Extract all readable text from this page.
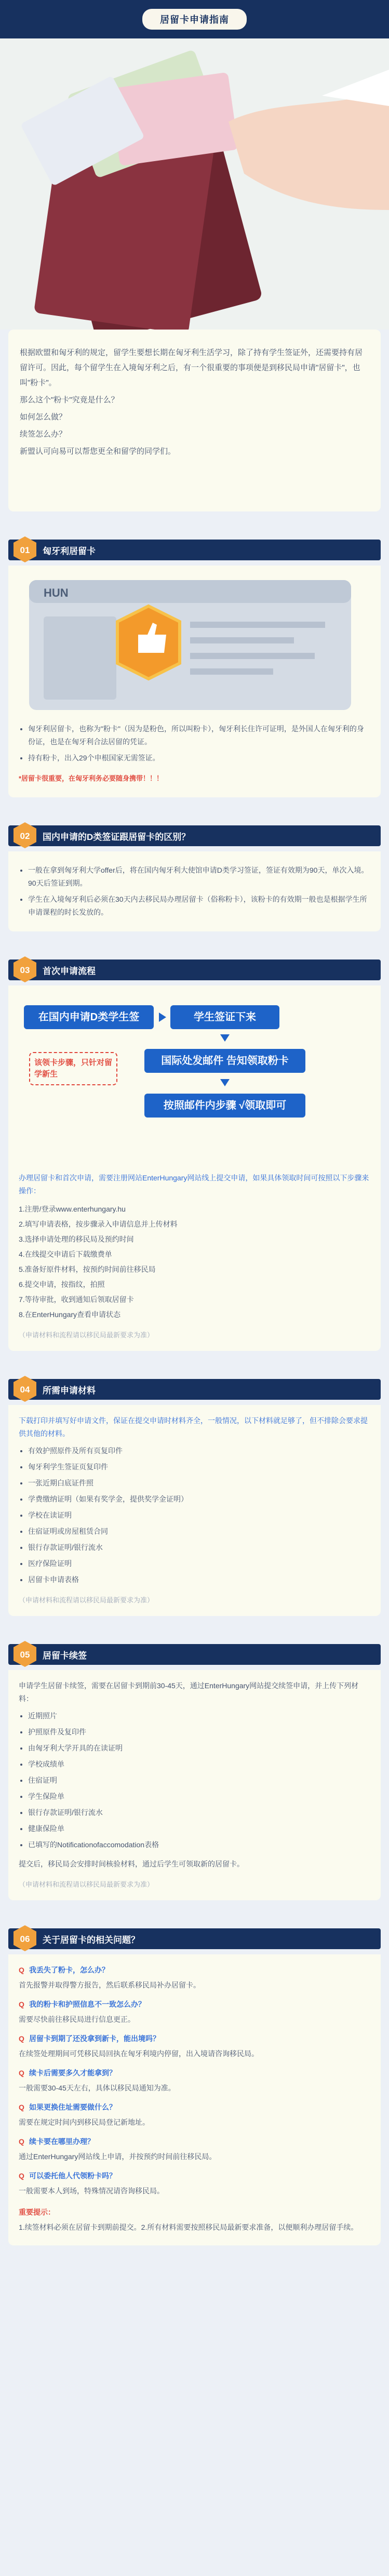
居留卡申请指南

根据欧盟和匈牙利的规定，留学生要想长期在匈牙利生活学习，除了持有学生签证外，还需要持有居留许可。因此，每个留学生在入境匈牙利之后，有一个很重要的事项便是到移民局申请"居留卡"，也叫"粉卡"。

那么这个"粉卡"究竟是什么？

如何怎么做？

续签怎么办？

新盟认可向易可以帮您更全和留学的同学们。

01 匈牙利居留卡
HUN
• 匈牙利居留卡，也称为"粉卡"（因为是粉色，所以叫粉卡），匈牙利长住许可证明，是外国人在匈牙利的身份证，也是在匈牙利合法居留的凭证。
• 持有粉卡，出入29个申根国家无需签证。

*居留卡很重要，在匈牙利务必要随身携带！！！

02 国内申请的D类签证跟居留卡的区别？
• 一般在拿到匈牙利大学offer后，将在国内匈牙利大使馆申请D类学习签证，签证有效期为90天，单次入境。90天后签证到期。
• 学生在入境匈牙利后必须在30天内去移民局办理居留卡（俗称粉卡），该粉卡的有效期一般也是根据学生所申请课程的时长发放的。
03 首次申请流程
在国内申请D类学生签	学生签证下来
国际处发邮件 告知领取粉卡
按照邮件内步骤 √领取即可
该领卡步骤，只针对留学新生

办理居留卡和首次申请，需要注册网站EnterHungary网站线上提交申请，如果具体领取时间可按照以下步骤来操作：

1.注册/登录www.enterhungary.hu

2.填写申请表格，按步骤录入申请信息并上传材料

3.选择申请处理的移民局及预约时间

4.在线提交申请后下载缴费单

5.准备好原件材料，按预约时间前往移民局

6.提交申请，按指纹，拍照

7.等待审批，收到通知后领取居留卡

8.在EnterHungary查看申请状态

（申请材料和流程请以移民局最新要求为准）

04 所需申请材料

下载打印并填写好申请文件，保证在提交申请时材料齐全，一般情况，以下材料就足够了，但不排除会要求提供其他的材料。

• 有效护照原件及所有页复印件
• 匈牙利学生签证页复印件
• 一张近期白底证件照
• 学费缴纳证明（如果有奖学金，提供奖学金证明）
• 学校在读证明
• 住宿证明或房屋租赁合同
• 银行存款证明/银行流水
• 医疗保险证明
• 居留卡申请表格

（申请材料和流程请以移民局最新要求为准）

05 居留卡续签

申请学生居留卡续签，需要在居留卡到期前30-45天，通过EnterHungary网站提交续签申请，并上传下列材料：

• 近期照片
• 护照原件及复印件
• 由匈牙利大学开具的在读证明
• 学校成绩单
• 住宿证明
• 学生保险单
• 银行存款证明/银行流水
• 健康保险单
• 已填写的Notificationofaccomodation表格

提交后，移民局会安排时间核验材料，通过后学生可领取新的居留卡。

（申请材料和流程请以移民局最新要求为准）

06 关于居留卡的相关问题？

Q 我丢失了粉卡，怎么办？

首先报警并取得警方报告，然后联系移民局补办居留卡。

Q 我的粉卡和护照信息不一致怎么办？

需要尽快前往移民局进行信息更正。

Q 居留卡到期了还没拿到新卡，能出境吗？

在续签处理期间可凭移民局回执在匈牙利境内停留，出入境请咨询移民局。

Q 续卡后需要多久才能拿到？

一般需要30-45天左右，具体以移民局通知为准。

Q 如果更换住址需要做什么？

需要在规定时间内到移民局登记新地址。

Q 续卡要在哪里办理？

通过EnterHungary网站线上申请，并按预约时间前往移民局。

Q 可以委托他人代领粉卡吗？

一般需要本人到场，特殊情况请咨询移民局。

重要提示：

1.续签材料必须在居留卡到期前提交。2.所有材料需要按照移民局最新要求准备，以便顺利办理居留手续。
